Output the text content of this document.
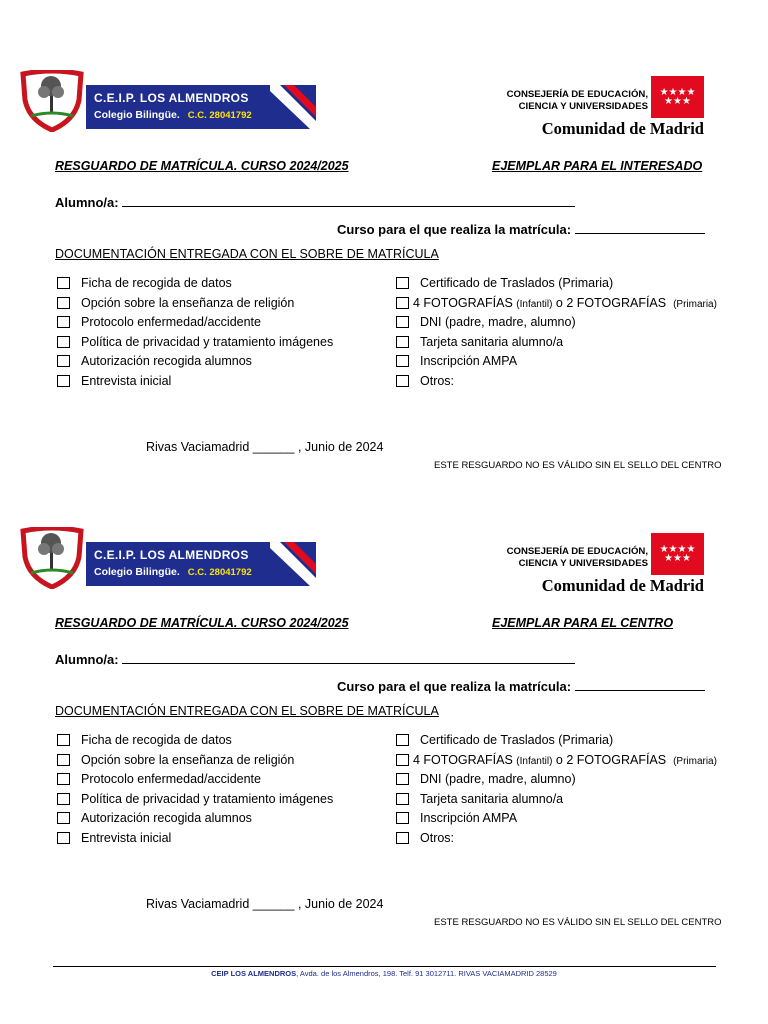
C.E.I.P. LOS ALMENDROS
Colegio Bilingüe. C.C. 28041792
CONSEJERÍA DE EDUCACIÓN,
CIENCIA Y UNIVERSIDADES
★★★★
★★★
Comunidad de Madrid
RESGUARDO DE MATRÍCULA. CURSO 2024/2025	EJEMPLAR PARA EL INTERESADO
Alumno/a:
Curso para el que realiza la matrícula:
DOCUMENTACIÓN ENTREGADA CON EL SOBRE DE MATRÍCULA
Ficha de recogida de datos
Opción sobre la enseñanza de religión
Protocolo enfermedad/accidente
Política de privacidad y tratamiento imágenes
Autorización recogida alumnos
Entrevista inicial
Certificado de Traslados (Primaria)
4 FOTOGRAFÍAS (Infantil) o 2 FOTOGRAFÍAS (Primaria)
DNI (padre, madre, alumno)
Tarjeta sanitaria alumno/a
Inscripción AMPA
Otros:
Rivas Vaciamadrid ______ , Junio de 2024
ESTE RESGUARDO NO ES VÁLIDO SIN EL SELLO DEL CENTRO
C.E.I.P. LOS ALMENDROS
Colegio Bilingüe. C.C. 28041792
CONSEJERÍA DE EDUCACIÓN,
CIENCIA Y UNIVERSIDADES
★★★★
★★★
Comunidad de Madrid
RESGUARDO DE MATRÍCULA. CURSO 2024/2025	EJEMPLAR PARA EL CENTRO
Alumno/a:
Curso para el que realiza la matrícula:
DOCUMENTACIÓN ENTREGADA CON EL SOBRE DE MATRÍCULA
Ficha de recogida de datos
Opción sobre la enseñanza de religión
Protocolo enfermedad/accidente
Política de privacidad y tratamiento imágenes
Autorización recogida alumnos
Entrevista inicial
Certificado de Traslados (Primaria)
4 FOTOGRAFÍAS (Infantil) o 2 FOTOGRAFÍAS (Primaria)
DNI (padre, madre, alumno)
Tarjeta sanitaria alumno/a
Inscripción AMPA
Otros:
Rivas Vaciamadrid ______ , Junio de 2024
ESTE RESGUARDO NO ES VÁLIDO SIN EL SELLO DEL CENTRO
CEIP LOS ALMENDROS, Avda. de los Almendros, 198. Telf. 91 3012711. RIVAS VACIAMADRID 28529
